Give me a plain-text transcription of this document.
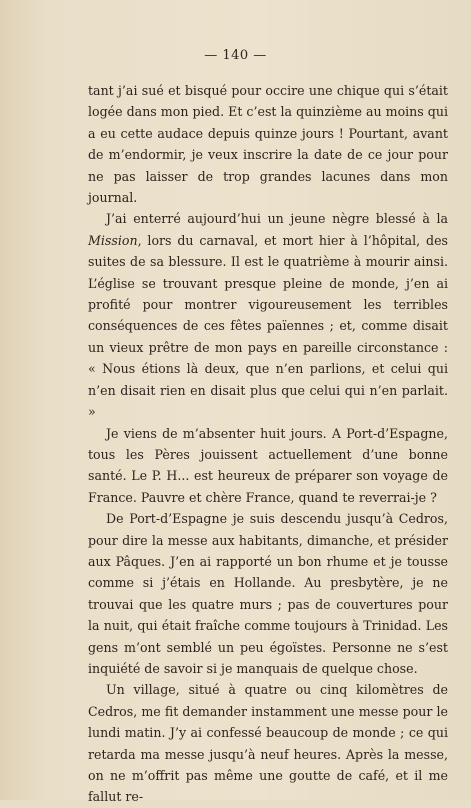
— 140 —

tant j’ai sué et bisqué pour occire une chique qui s’était logée dans mon pied. Et c’est la quinzième au moins qui a eu cette audace depuis quinze jours ! Pourtant, avant de m’endormir, je veux inscrire la date de ce jour pour ne pas laisser de trop grandes lacunes dans mon journal.

J’ai enterré aujourd’hui un jeune nègre blessé à la Mission, lors du carnaval, et mort hier à l’hôpital, des suites de sa blessure. Il est le quatrième à mourir ainsi. L’église se trouvant presque pleine de monde, j’en ai profité pour montrer vigoureusement les terribles conséquences de ces fêtes païennes ; et, comme disait un vieux prêtre de mon pays en pareille circonstance : « Nous étions là deux, que n’en parlions, et celui qui n’en disait rien en disait plus que celui qui n’en parlait. »

Je viens de m’absenter huit jours. A Port-d’Espagne, tous les Pères jouissent actuellement d’une bonne santé. Le P. H... est heureux de préparer son voyage de France. Pauvre et chère France, quand te reverrai-je ?

De Port-d’Espagne je suis descendu jusqu’à Cedros, pour dire la messe aux habitants, dimanche, et présider aux Pâques. J’en ai rapporté un bon rhume et je tousse comme si j’étais en Hollande. Au presbytère, je ne trouvai que les quatre murs ; pas de couvertures pour la nuit, qui était fraîche comme toujours à Trinidad. Les gens m’ont semblé un peu égoïstes. Personne ne s’est inquiété de savoir si je manquais de quelque chose.

Un village, situé à quatre ou cinq kilomètres de Cedros, me fit demander instamment une messe pour le lundi matin. J’y ai confessé beaucoup de monde ; ce qui retarda ma messe jusqu’à neuf heures. Après la messe, on ne m’offrit pas même une goutte de café, et il me fallut re-
